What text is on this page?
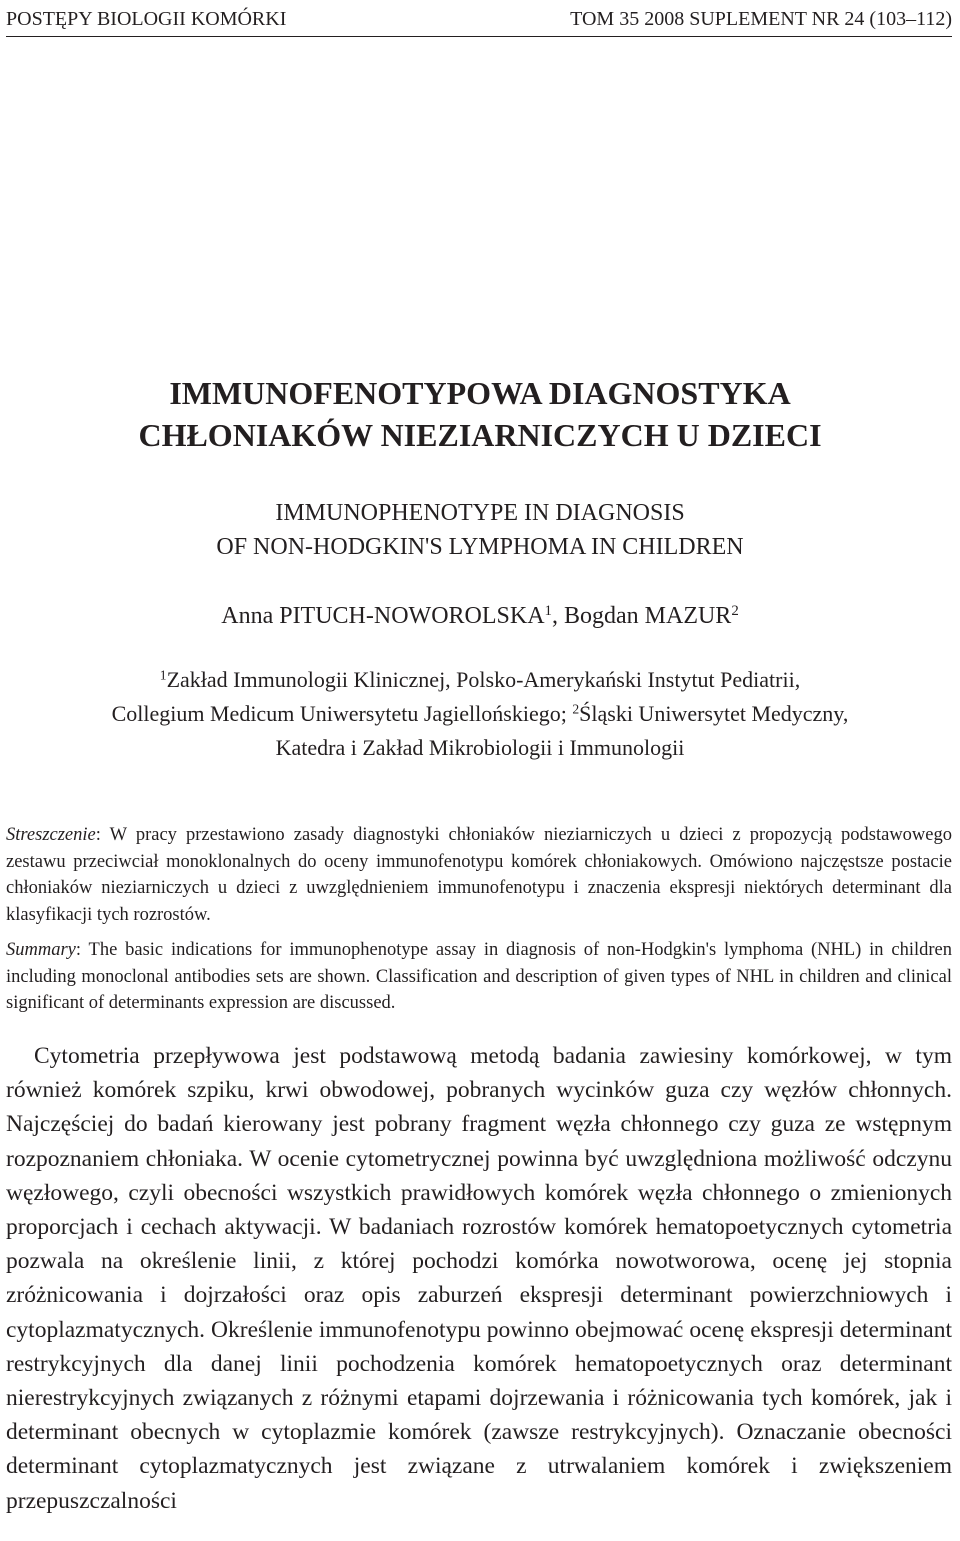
POSTĘPY BIOLOGII KOMÓRKI	TOM 35 2008 SUPLEMENT NR 24 (103–112)
IMMUNOFENOTYPOWA DIAGNOSTYKA
CHŁONIAKÓW NIEZIARNICZYCH U DZIECI
IMMUNOPHENOTYPE IN DIAGNOSIS
OF NON-HODGKIN'S LYMPHOMA IN CHILDREN
Anna PITUCH-NOWOROLSKA$^1$, Bogdan MAZUR$^2$
$^1$Zakład Immunologii Klinicznej, Polsko-Amerykański Instytut Pediatrii,
Collegium Medicum Uniwersytetu Jagiellońskiego; $^2$Śląski Uniwersytet Medyczny,
Katedra i Zakład Mikrobiologii i Immunologii

Streszczenie: W pracy przestawiono zasady diagnostyki chłoniaków nieziarniczych u dzieci z propozycją podstawowego zestawu przeciwciał monoklonalnych do oceny immunofenotypu komórek chłoniakowych. Omówiono najczęstsze postacie chłoniaków nieziarniczych u dzieci z uwzględnieniem immunofenotypu i znaczenia ekspresji niektórych determinant dla klasyfikacji tych rozrostów.

Summary: The basic indications for immunophenotype assay in diagnosis of non-Hodgkin's lymphoma (NHL) in children including monoclonal antibodies sets are shown. Classification and description of given types of NHL in children and clinical significant of determinants expression are discussed.

Cytometria przepływowa jest podstawową metodą badania zawiesiny komórkowej, w tym również komórek szpiku, krwi obwodowej, pobranych wycinków guza czy węzłów chłonnych. Najczęściej do badań kierowany jest pobrany fragment węzła chłonnego czy guza ze wstępnym rozpoznaniem chłoniaka. W ocenie cytometrycznej powinna być uwzględniona możliwość odczynu węzłowego, czyli obecności wszystkich prawidłowych komórek węzła chłonnego o zmienionych proporcjach i cechach aktywacji. W badaniach rozrostów komórek hematopoetycznych cytometria pozwala na określenie linii, z której pochodzi komórka nowotworowa, ocenę jej stopnia zróżnicowania i dojrzałości oraz opis zaburzeń ekspresji determinant powierzchniowych i cytoplazmatycznych. Określenie immunofenotypu powinno obejmować ocenę ekspresji determinant restrykcyjnych dla danej linii pochodzenia komórek hematopoetycznych oraz determinant nierestrykcyjnych związanych z różnymi etapami dojrzewania i różnicowania tych komórek, jak i determinant obecnych w cytoplazmie komórek (zawsze restrykcyjnych). Oznaczanie obecności determinant cytoplazmatycznych jest związane z utrwalaniem komórek i zwiększeniem przepuszczalności
